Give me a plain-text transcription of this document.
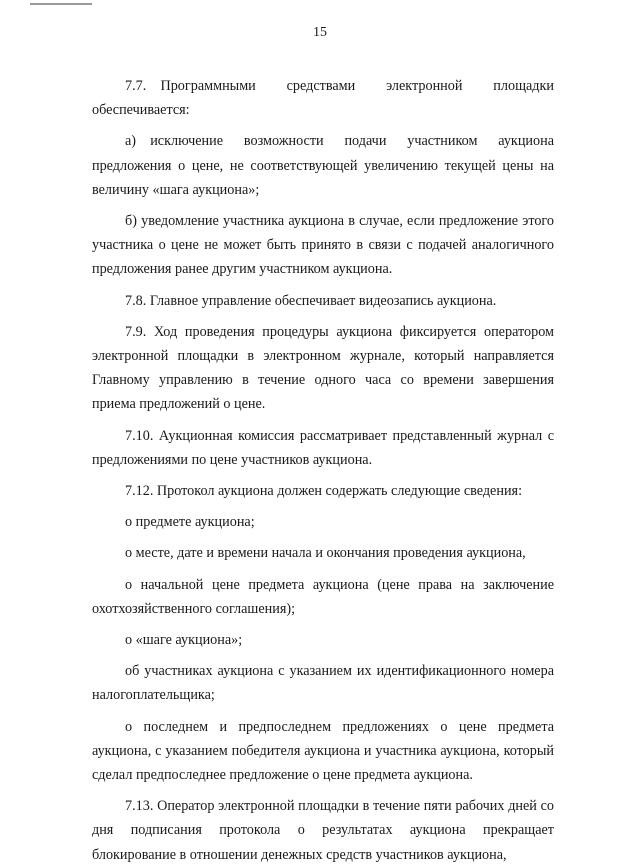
15

7.7. Программными средствами электронной площадки обеспечивается:

а) исключение возможности подачи участником аукциона предложения о цене, не соответствующей увеличению текущей цены на величину «шага аукциона»;

б) уведомление участника аукциона в случае, если предложение этого участника о цене не может быть принято в связи с подачей аналогичного предложения ранее другим участником аукциона.

7.8. Главное управление обеспечивает видеозапись аукциона.

7.9. Ход проведения процедуры аукциона фиксируется оператором электронной площадки в электронном журнале, который направляется Главному управлению в течение одного часа со времени завершения приема предложений о цене.

7.10. Аукционная комиссия рассматривает представленный журнал с предложениями по цене участников аукциона.

7.12. Протокол аукциона должен содержать следующие сведения:

о предмете аукциона;

о месте, дате и времени начала и окончания проведения аукциона,

о начальной цене предмета аукциона (цене права на заключение охотхозяйственного соглашения);

о «шаге аукциона»;

об участниках аукциона с указанием их идентификационного номера налогоплательщика;

о последнем и предпоследнем предложениях о цене предмета аукциона, с указанием победителя аукциона и участника аукциона, который сделал предпоследнее предложение о цене предмета аукциона.

7.13. Оператор электронной площадки в течение пяти рабочих дней со дня подписания протокола о результатах аукциона прекращает блокирование в отношении денежных средств участников аукциона,
